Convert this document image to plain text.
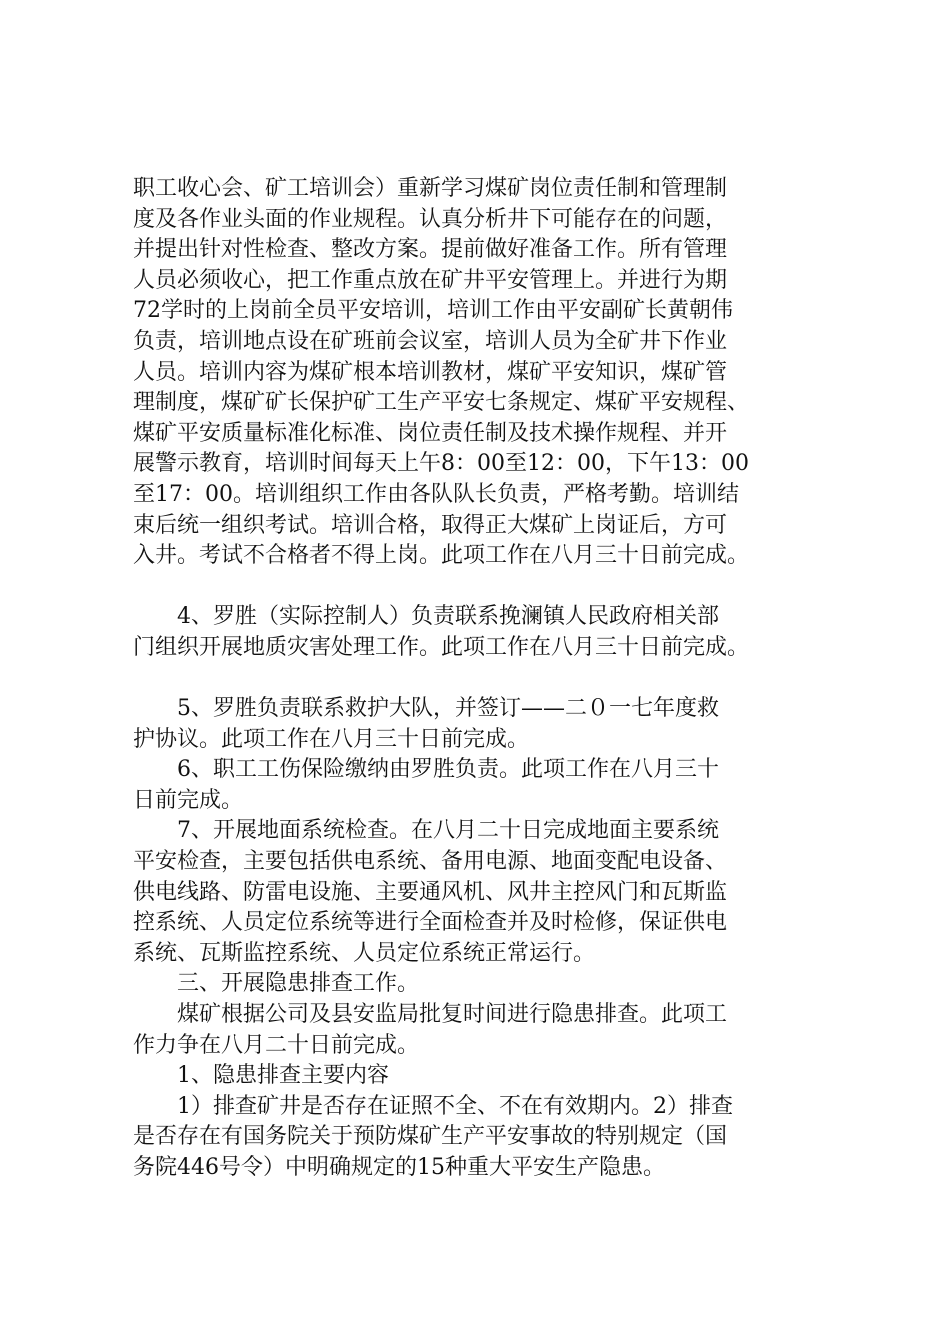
职工收心会、矿工培训会）重新学习煤矿岗位责任制和管理制
度及各作业头面的作业规程。认真分析井下可能存在的问题，
并提出针对性检查、整改方案。提前做好准备工作。所有管理
人员必须收心，把工作重点放在矿井平安管理上。并进行为期
72学时的上岗前全员平安培训，培训工作由平安副矿长黄朝伟
负责，培训地点设在矿班前会议室，培训人员为全矿井下作业
人员。培训内容为煤矿根本培训教材，煤矿平安知识，煤矿管
理制度，煤矿矿长保护矿工生产平安七条规定、煤矿平安规程、
煤矿平安质量标准化标准、岗位责任制及技术操作规程、并开
展警示教育，培训时间每天上午8：00至12：00，下午13：00
至17：00。培训组织工作由各队队长负责，严格考勤。培训结
束后统一组织考试。培训合格，取得正大煤矿上岗证后，方可
入井。考试不合格者不得上岗。此项工作在八月三十日前完成。
4、罗胜（实际控制人）负责联系挽澜镇人民政府相关部
门组织开展地质灾害处理工作。此项工作在八月三十日前完成。
5、罗胜负责联系救护大队，并签订——二０一七年度救
护协议。此项工作在八月三十日前完成。
6、职工工伤保险缴纳由罗胜负责。此项工作在八月三十
日前完成。
7、开展地面系统检查。在八月二十日完成地面主要系统
平安检查，主要包括供电系统、备用电源、地面变配电设备、
供电线路、防雷电设施、主要通风机、风井主控风门和瓦斯监
控系统、人员定位系统等进行全面检查并及时检修，保证供电
系统、瓦斯监控系统、人员定位系统正常运行。
三、开展隐患排查工作。
煤矿根据公司及县安监局批复时间进行隐患排查。此项工
作力争在八月二十日前完成。
1、隐患排查主要内容
1）排查矿井是否存在证照不全、不在有效期内。2）排查
是否存在有国务院关于预防煤矿生产平安事故的特别规定（国
务院446号令）中明确规定的15种重大平安生产隐患。
